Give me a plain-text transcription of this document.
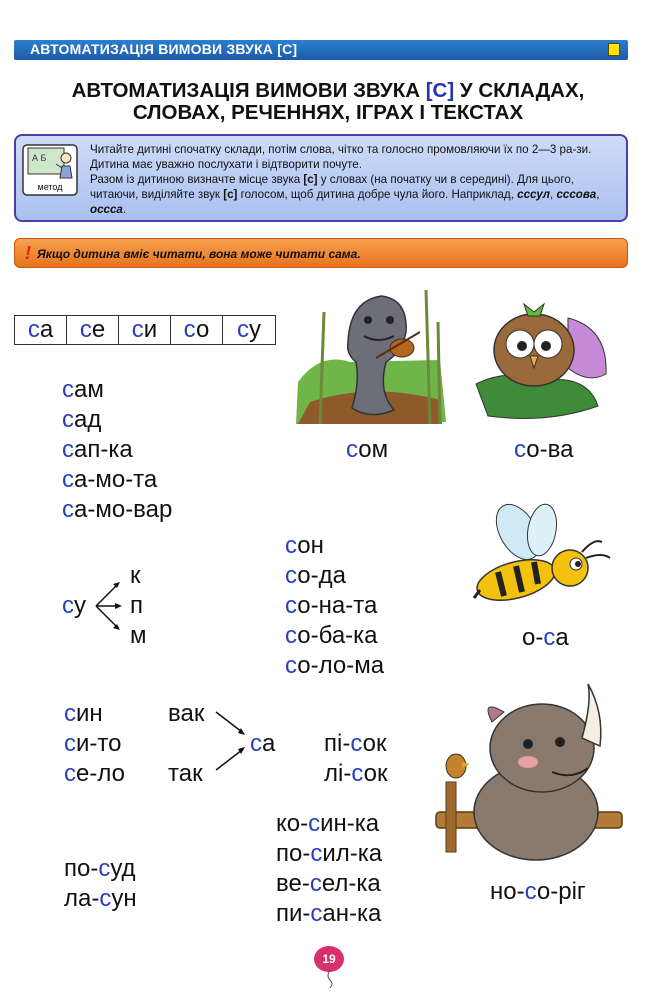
АВТОМАТИЗАЦІЯ ВИМОВИ ЗВУКА [С]
АВТОМАТИЗАЦІЯ ВИМОВИ ЗВУКА [С] У СКЛАДАХ,
СЛОВАХ, РЕЧЕННЯХ, ІГРАХ І ТЕКСТАХ
А Б
метод
Читайте дитині спочатку склади, потім слова, чітко та голосно промовляючи їх по 2—3 ра-зи. Дитина має уважно послухати і відтворити почуте.
Разом із дитиною визначте місце звука [с] у словах (на початку чи в середині). Для цього, читаючи, виділяйте звук [с] голосом, щоб дитина добре чула його. Наприклад, сссул, сссова, оссса.
! Якщо дитина вміє читати, вона може читати сама.
са	се	си	со	су
сам
сад
сап-ка
са-мо-та
са-мо-вар
су
к
п
м
сон
со-да
со-на-та
со-ба-ка
со-ло-ма
син
си-то
се-ло
вак
так
са пі-сок
лі-сок
ко-син-ка
по-сил-ка
ве-сел-ка
пи-сан-ка
по-суд
ла-сун
сом	со-ва
о-са
но-со-ріг
19
